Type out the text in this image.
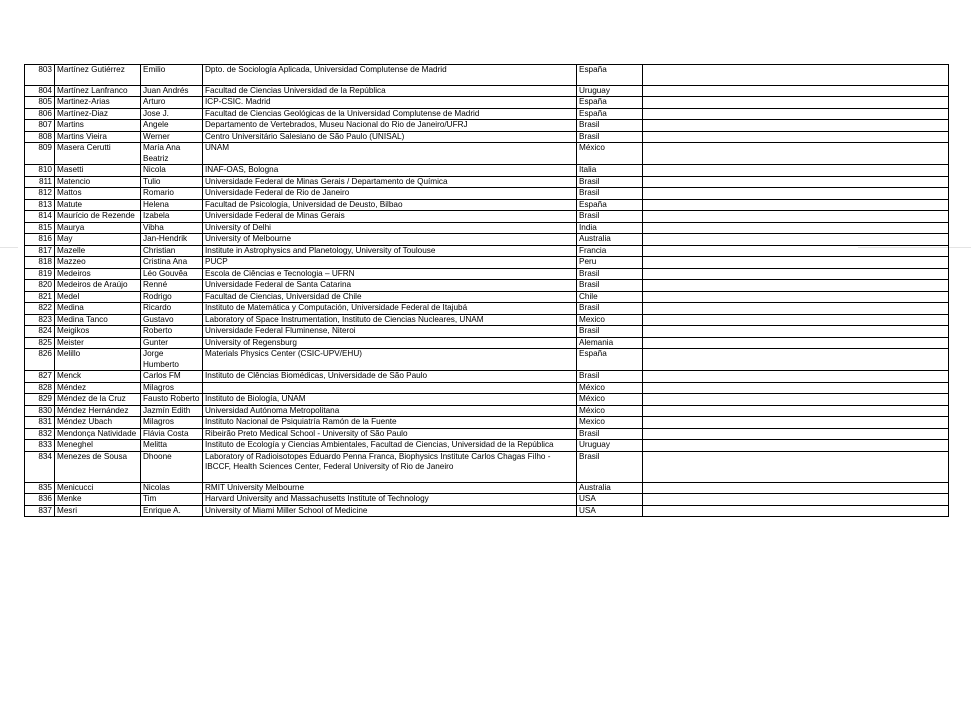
803	Martínez Gutiérrez	Emilio	Dpto. de Sociología Aplicada, Universidad Complutense de Madrid	España	
804	Martínez Lanfranco	Juan Andrés	Facultad de Ciencias Universidad de la República	Uruguay	
805	Martinez-Arias	Arturo	ICP-CSIC. Madrid	España	
806	Martínez-Diaz	Jose J.	Facultad de Ciencias Geológicas de la Universidad Complutense de Madrid	España	
807	Martins	Angele	Departamento de Vertebrados, Museu Nacional do Rio de Janeiro/UFRJ	Brasil	
808	Martins Vieira	Werner	Centro Universitário Salesiano de São Paulo (UNISAL)	Brasil	
809	Masera Cerutti	María Ana Beatriz	UNAM	México	
810	Masetti	Nicola	INAF-OAS, Bologna	Italia	
811	Matencio	Tulio	Universidade Federal de Minas Gerais / Departamento de Química	Brasil	
812	Mattos	Romario	Universidade Federal de Rio de Janeiro	Brasil	
813	Matute	Helena	Facultad de Psicología, Universidad de Deusto, Bilbao	España	
814	Maurício de Rezende	Izabela	Universidade Federal de Minas Gerais	Brasil	
815	Maurya	Vibha	University of Delhi	India	
816	May	Jan-Hendrik	University of Melbourne	Australia	
817	Mazelle	Christian	Institute in Astrophysics and Planetology, University of Toulouse	Francia	
818	Mazzeo	Cristina Ana	PUCP	Peru	
819	Medeiros	Léo Gouvêa	Escola de Ciências e Tecnologia – UFRN	Brasil	
820	Medeiros de Araújo	Renné	Universidade Federal de Santa Catarina	Brasil	
821	Medel	Rodrigo	Facultad de Ciencias, Universidad de Chile	Chile	
822	Medina	Ricardo	Instituto de Matemática y Computación, Universidade Federal de Itajubá	Brasil	
823	Medina Tanco	Gustavo	Laboratory of Space Instrumentation, Instituto de Ciencias Nucleares, UNAM	Mexico	
824	Meigikos	Roberto	Universidade Federal Fluminense, Niteroi	Brasil	
825	Meister	Gunter	University of Regensburg	Alemania	
826	Melillo	Jorge Humberto	Materials Physics Center (CSIC-UPV/EHU)	España	
827	Menck	Carlos FM	Instituto de Clências Biomédicas, Universidade de São Paulo	Brasil	
828	Méndez	Milagros		México	
829	Méndez de la Cruz	Fausto Roberto	Instituto de Biología, UNAM	México	
830	Méndez Hernández	Jazmín Edith	Universidad Autónoma Metropolitana	México	
831	Méndez Ubach	Milagros	Instituto Nacional de Psiquiatría Ramón de la Fuente	Mexico	
832	Mendonça Natividade	Flávia Costa	Ribeirão Preto Medical School - University of São Paulo	Brasil	
833	Meneghel	Melitta	Instituto de Ecología y Ciencias Ambientales, Facultad de Ciencias, Universidad de la República	Uruguay	
834	Menezes de Sousa	Dhoone	Laboratory of Radioisotopes Eduardo Penna Franca, Biophysics Institute Carlos Chagas Filho - IBCCF, Health Sciences Center, Federal University of Rio de Janeiro	Brasil	
835	Menicucci	Nicolas	RMIT University Melbourne	Australia	
836	Menke	Tim	Harvard University and Massachusetts Institute of Technology	USA	
837	Mesri	Enrique A.	University of Miami Miller School of Medicine	USA	
